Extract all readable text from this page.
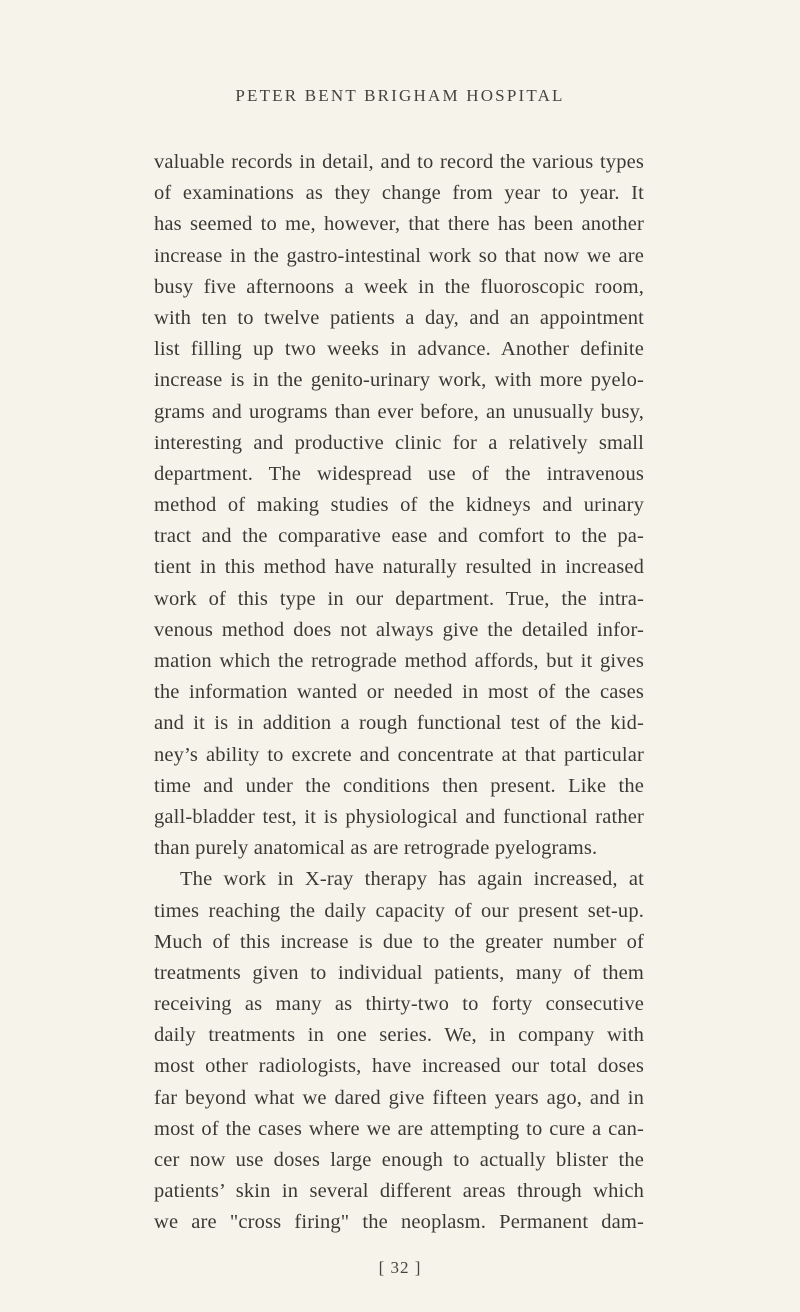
PETER BENT BRIGHAM HOSPITAL
valuable records in detail, and to record the various types
of examinations as they change from year to year. It
has seemed to me, however, that there has been another
increase in the gastro-intestinal work so that now we are
busy five afternoons a week in the fluoroscopic room,
with ten to twelve patients a day, and an appointment
list filling up two weeks in advance. Another definite
increase is in the genito-urinary work, with more pyelo-
grams and urograms than ever before, an unusually busy,
interesting and productive clinic for a relatively small
department. The widespread use of the intravenous
method of making studies of the kidneys and urinary
tract and the comparative ease and comfort to the pa-
tient in this method have naturally resulted in increased
work of this type in our department. True, the intra-
venous method does not always give the detailed infor-
mation which the retrograde method affords, but it gives
the information wanted or needed in most of the cases
and it is in addition a rough functional test of the kid-
ney’s ability to excrete and concentrate at that particular
time and under the conditions then present. Like the
gall-bladder test, it is physiological and functional rather
than purely anatomical as are retrograde pyelograms.
The work in X-ray therapy has again increased, at
times reaching the daily capacity of our present set-up.
Much of this increase is due to the greater number of
treatments given to individual patients, many of them
receiving as many as thirty-two to forty consecutive
daily treatments in one series. We, in company with
most other radiologists, have increased our total doses
far beyond what we dared give fifteen years ago, and in
most of the cases where we are attempting to cure a can-
cer now use doses large enough to actually blister the
patients’ skin in several different areas through which
we are "cross firing" the neoplasm. Permanent dam-
[ 32 ]
